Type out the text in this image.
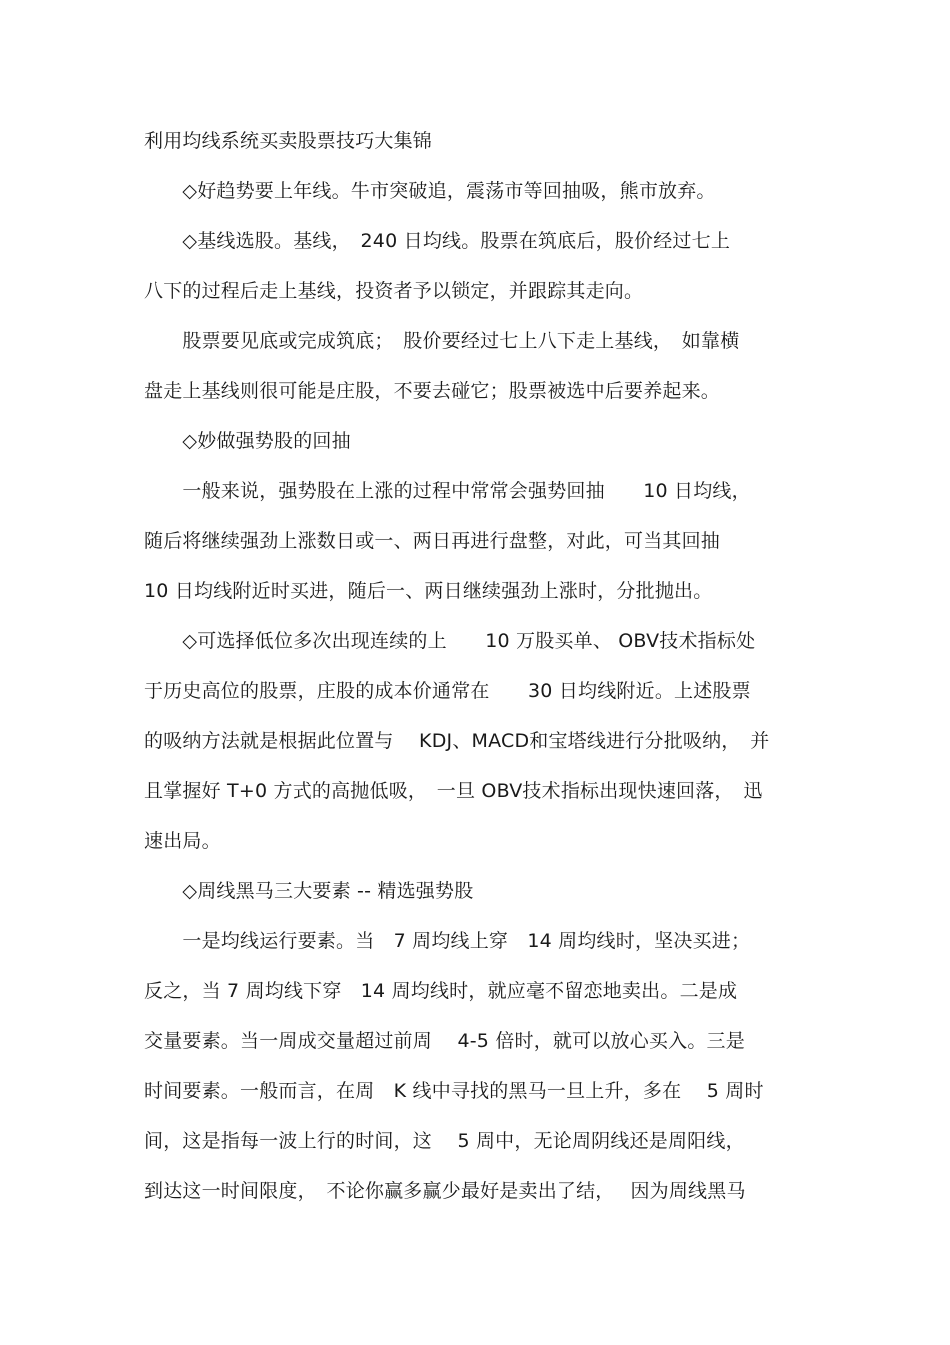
利用均线系统买卖股票技巧大集锦
　　◇好趋势要上年线。牛市突破追，震荡市等回抽吸，熊市放弃。
　　◇基线选股。基线，　240 日均线。股票在筑底后，股价经过七上
八下的过程后走上基线，投资者予以锁定，并跟踪其走向。
　　股票要见底或完成筑底；　股价要经过七上八下走上基线，　如靠横
盘走上基线则很可能是庄股，不要去碰它；股票被选中后要养起来。
　　◇妙做强势股的回抽
　　一般来说，强势股在上涨的过程中常常会强势回抽　　10 日均线，
随后将继续强劲上涨数日或一、两日再进行盘整，对此，可当其回抽
10 日均线附近时买进，随后一、两日继续强劲上涨时，分批抛出。
　　◇可选择低位多次出现连续的上　　10 万股买单、 OBV技术指标处
于历史高位的股票，庄股的成本价通常在　　30 日均线附近。上述股票
的吸纳方法就是根据此位置与　 KDJ、MACD和宝塔线进行分批吸纳，　并
且掌握好 T+0 方式的高抛低吸，　一旦 OBV技术指标出现快速回落，　迅
速出局。
　　◇周线黑马三大要素 -- 精选强势股
　　一是均线运行要素。当　7 周均线上穿　14 周均线时，坚决买进；
反之，当 7 周均线下穿　14 周均线时，就应毫不留恋地卖出。二是成
交量要素。当一周成交量超过前周　 4-5 倍时，就可以放心买入。三是
时间要素。一般而言，在周　K 线中寻找的黑马一旦上升，多在　 5 周时
间，这是指每一波上行的时间，这　 5 周中，无论周阴线还是周阳线，
到达这一时间限度，　不论你赢多赢少最好是卖出了结，　 因为周线黑马
